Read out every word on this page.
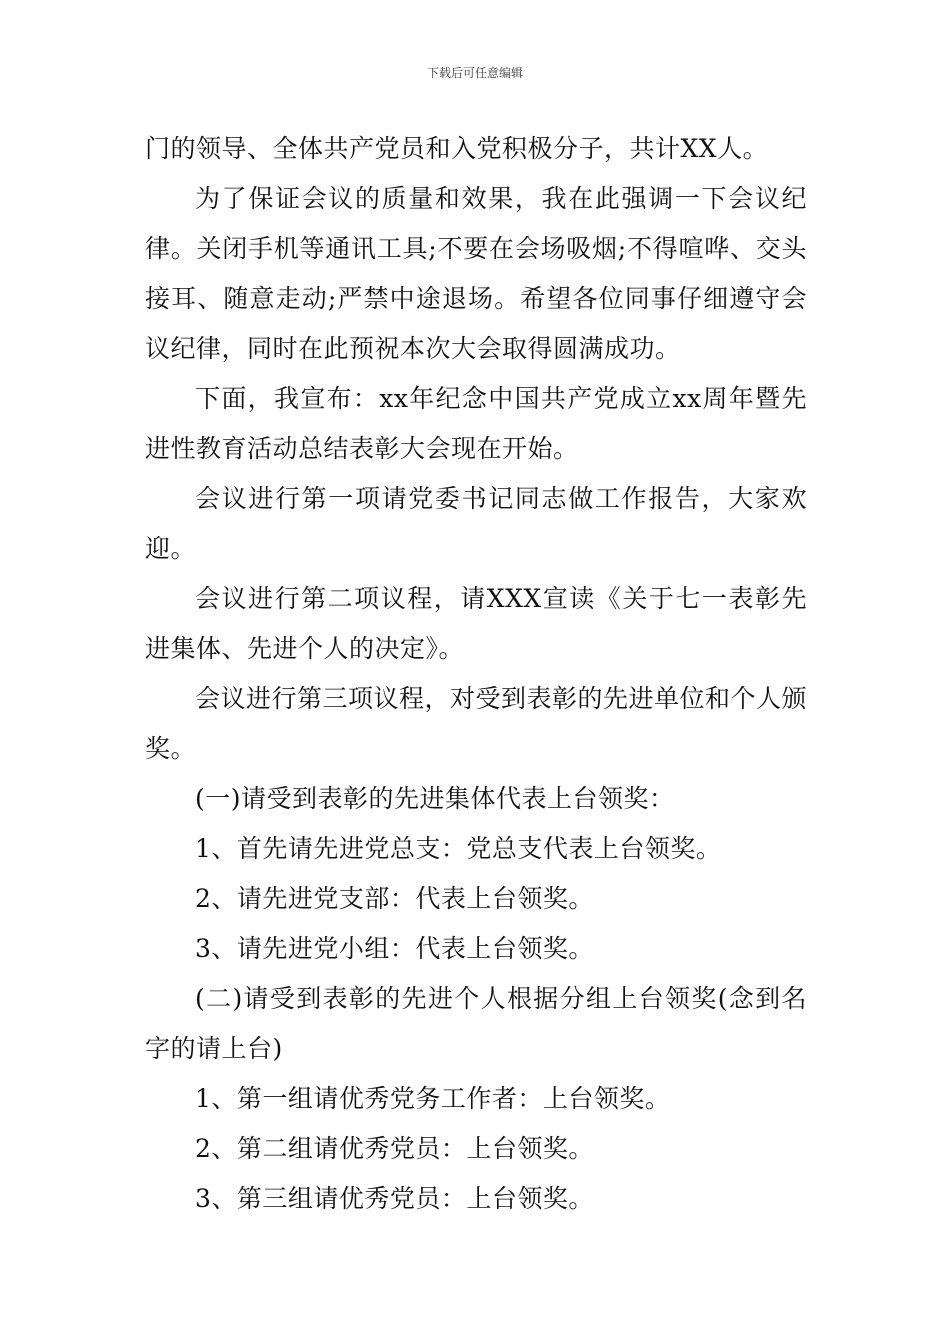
下载后可任意编辑

门的领导、全体共产党员和入党积极分子，共计XX人。

为了保证会议的质量和效果，我在此强调一下会议纪律。关闭手机等通讯工具;不要在会场吸烟;不得喧哗、交头接耳、随意走动;严禁中途退场。希望各位同事仔细遵守会议纪律，同时在此预祝本次大会取得圆满成功。

下面，我宣布：xx年纪念中国共产党成立xx周年暨先进性教育活动总结表彰大会现在开始。

会议进行第一项请党委书记同志做工作报告，大家欢迎。

会议进行第二项议程，请XXX宣读《关于七一表彰先进集体、先进个人的决定》。

会议进行第三项议程，对受到表彰的先进单位和个人颁奖。

(一)请受到表彰的先进集体代表上台领奖：

1、首先请先进党总支：党总支代表上台领奖。

2、请先进党支部：代表上台领奖。

3、请先进党小组：代表上台领奖。

(二)请受到表彰的先进个人根据分组上台领奖(念到名字的请上台)

1、第一组请优秀党务工作者：上台领奖。

2、第二组请优秀党员：上台领奖。

3、第三组请优秀党员：上台领奖。
